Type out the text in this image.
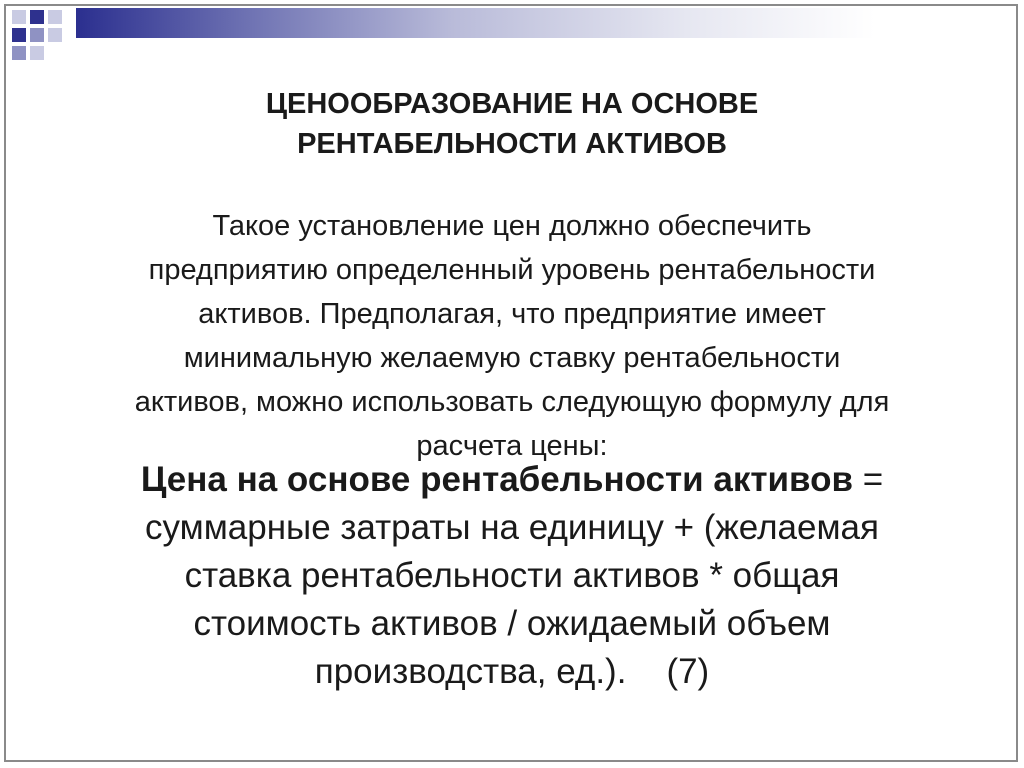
ЦЕНООБРАЗОВАНИЕ НА ОСНОВЕ
РЕНТАБЕЛЬНОСТИ АКТИВОВ
Такое установление цен должно обеспечить
предприятию определенный уровень рентабельности
активов. Предполагая, что предприятие имеет
минимальную желаемую ставку рентабельности
активов, можно использовать следующую формулу для
расчета цены:
Цена на основе рентабельности активов =
суммарные затраты на единицу + (желаемая
ставка рентабельности активов * общая
стоимость активов / ожидаемый объем
производства, ед.). (7)
